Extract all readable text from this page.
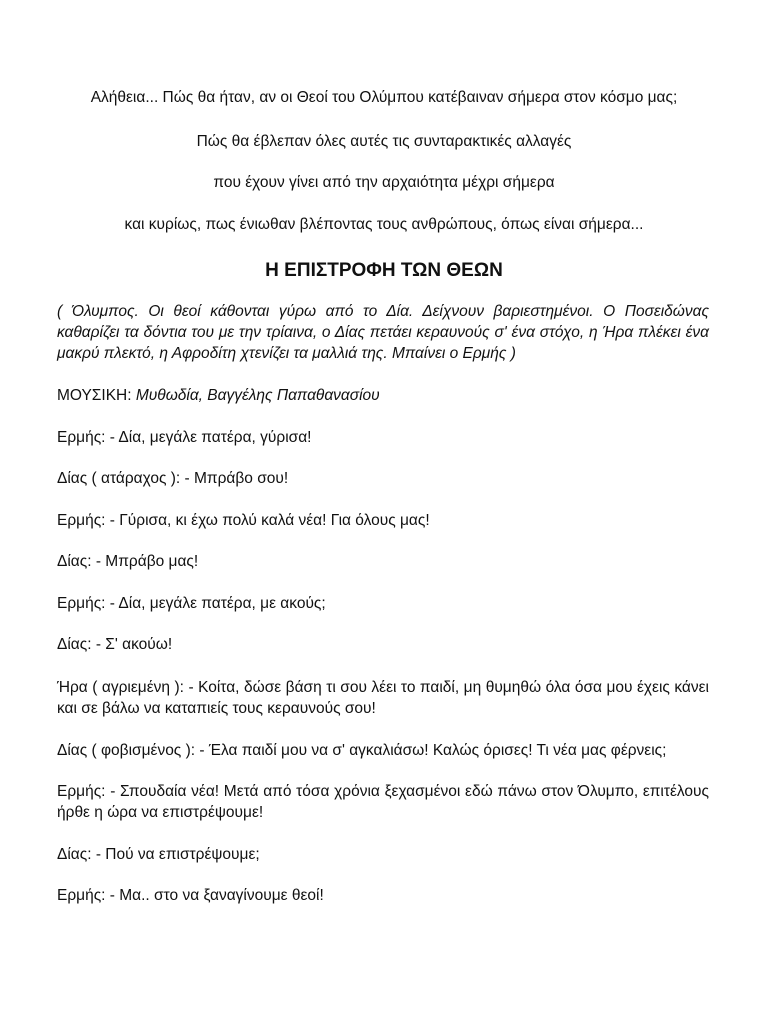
Αλήθεια... Πώς θα ήταν, αν οι Θεοί του Ολύμπου κατέβαιναν σήμερα στον κόσμο μας;
Πώς θα έβλεπαν όλες αυτές τις συνταρακτικές αλλαγές
που έχουν γίνει από την αρχαιότητα μέχρι σήμερα
και κυρίως, πως ένιωθαν βλέποντας τους ανθρώπους, όπως είναι σήμερα...
Η ΕΠΙΣΤΡΟΦΗ ΤΩΝ ΘΕΩΝ
( Όλυμπος. Οι θεοί κάθονται γύρω από το Δία. Δείχνουν βαριεστημένοι. Ο Ποσειδώνας καθαρίζει τα δόντια του με την τρίαινα, ο Δίας πετάει κεραυνούς σ' ένα στόχο, η Ήρα πλέκει ένα μακρύ πλεκτό, η Αφροδίτη χτενίζει τα μαλλιά της. Μπαίνει ο Ερμής )
ΜΟΥΣΙΚΗ: Μυθωδία, Βαγγέλης Παπαθανασίου
Ερμής: - Δία, μεγάλε πατέρα, γύρισα!
Δίας ( ατάραχος ): - Μπράβο σου!
Ερμής: - Γύρισα, κι έχω πολύ καλά νέα! Για όλους μας!
Δίας: - Μπράβο μας!
Ερμής: - Δία, μεγάλε πατέρα, με ακούς;
Δίας: - Σ' ακούω!
Ήρα ( αγριεμένη ): - Κοίτα, δώσε βάση τι σου λέει το παιδί, μη θυμηθώ όλα όσα μου έχεις κάνει και σε βάλω να καταπιείς τους κεραυνούς σου!
Δίας ( φοβισμένος ): - Έλα παιδί μου να σ' αγκαλιάσω! Καλώς όρισες! Τι νέα μας φέρνεις;
Ερμής: - Σπουδαία νέα! Μετά από τόσα χρόνια ξεχασμένοι εδώ πάνω στον Όλυμπο, επιτέλους ήρθε η ώρα να επιστρέψουμε!
Δίας: - Πού να επιστρέψουμε;
Ερμής: - Μα.. στο να ξαναγίνουμε θεοί!
